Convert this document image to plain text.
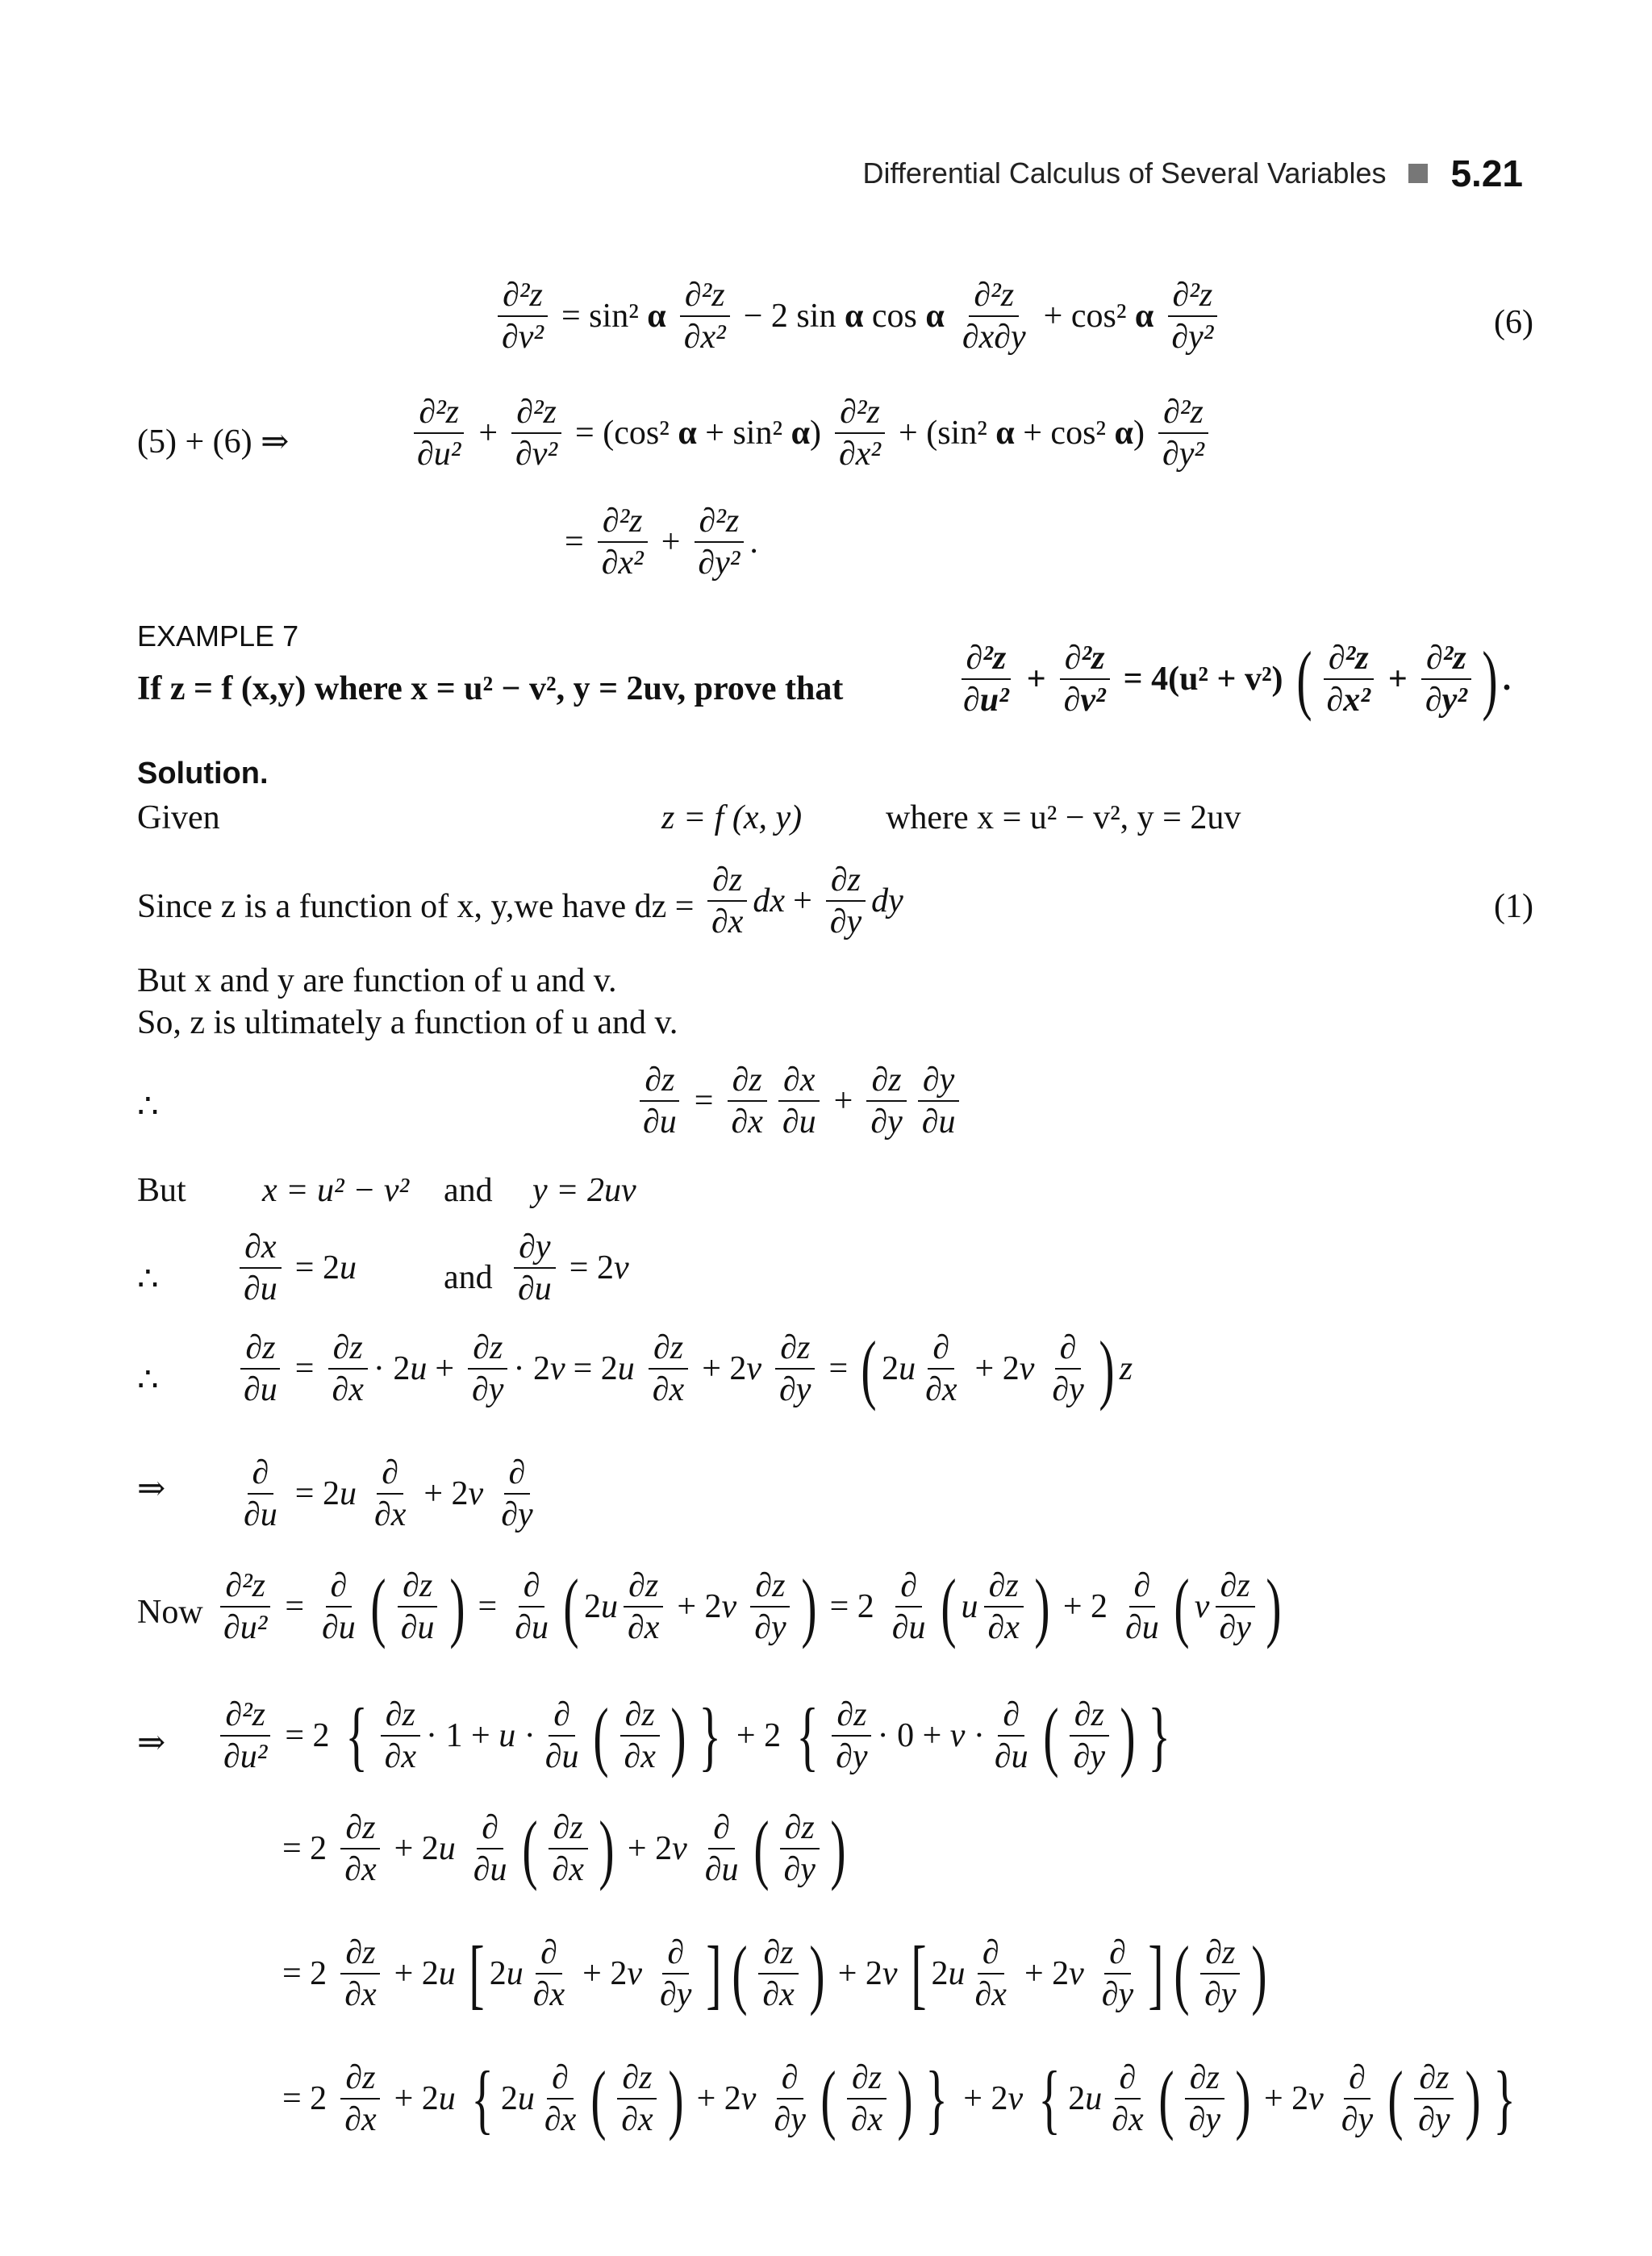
Differential Calculus of Several Variables 5.21
$\frac{\text{∂²z}}{\text{∂v²}} = \sin^2$ α $\frac{\text{∂²z}}{\text{∂x²}} - 2$ sin α cos α $\frac{\text{∂²z}}{\partial x\partial y} + \cos^2$ α $\frac{\text{∂²z}}{\text{∂y²}}$	(6)
(5) + (6) ⇒	$\frac{\text{∂²z}}{\text{∂u²}} + \frac{\text{∂²z}}{\text{∂v²}} = (\cos^2$ α + sin² $\alpha) \frac{\text{∂²z}}{\text{∂x²}} + (\sin^2$ α + cos² $\alpha) \frac{\text{∂²z}}{\text{∂y²}}$
= $\frac{\text{∂²z}}{\text{∂x²}} + \frac{\text{∂²z}}{\text{∂y²}}$ .
EXAMPLE 7
If z = f (x,y) where x = u² − v², y = 2uv, prove that	$\frac{\text{∂²z}}{\text{∂u²}} + \frac{\text{∂²z}}{\text{∂v²}} = 4(u^2 + v^2)$ ( $\frac{\text{∂²z}}{\text{∂x²}} + \frac{\text{∂²z}}{\text{∂y²}}$ ) .
Solution.
Given	z = f (x, y) where x = u² − v², y = 2uv
Since z is a function of x, y,we have dz = $\frac{\partial z}{\partial x}$ dx + $\frac{\partial z}{\partial y}$ dy	(1)
But x and y are function of u and v.
So, z is ultimately a function of u and v.
∴	$\frac{\partial z}{\partial u} = \frac{\partial z}{\partial x} \frac{\partial x}{\partial u} + \frac{\partial z}{\partial y} \frac{\partial y}{\partial u}$
But x = u² − v² and y = 2uv
∴ $\frac{\partial x}{\partial u} = 2u$	and $\frac{\partial y}{\partial u} = 2v$
∴ $\frac{\partial z}{\partial u} = \frac{\partial z}{\partial x} \cdot 2u + \frac{\partial z}{\partial y} \cdot 2v = 2u \frac{\partial z}{\partial x} + 2v \frac{\partial z}{\partial y}$ = ( $2u \frac{\partial}{\partial x} + 2v \frac{\partial}{\partial y}$ ) z
⇒ $\frac{\partial}{\partial u} = 2u \frac{\partial}{\partial x} + 2v \frac{\partial}{\partial y}$
Now $\frac{\text{∂²z}}{\text{∂u²}} = \frac{\partial}{\partial u}$ ( $\frac{\partial z}{\partial u}$ ) = $\frac{\partial}{\partial u}$ ( $2u \frac{\partial z}{\partial x} + 2v \frac{\partial z}{\partial y}$ ) = $2 \frac{\partial}{\partial u}$ ( u $\frac{\partial z}{\partial x}$ ) + $2 \frac{\partial}{\partial u}$ ( v $\frac{\partial z}{\partial y}$ )
⇒ $\frac{\text{∂²z}}{\text{∂u²}} = 2$ { $\frac{\partial z}{\partial x} \cdot 1 + u \cdot \frac{\partial}{\partial u}$ ( $\frac{\partial z}{\partial x}$ ) } + 2 { $\frac{\partial z}{\partial y} \cdot 0 + v \cdot \frac{\partial}{\partial u}$ ( $\frac{\partial z}{\partial y}$ ) }
= $2 \frac{\partial z}{\partial x} + 2u \frac{\partial}{\partial u}$ ( $\frac{\partial z}{\partial x}$ ) + $2v \frac{\partial}{\partial u}$ ( $\frac{\partial z}{\partial y}$ )
= $2 \frac{\partial z}{\partial x} + 2u$ [ $2u \frac{\partial}{\partial x} + 2v \frac{\partial}{\partial y}$ ] ( $\frac{\partial z}{\partial x}$ ) + 2v [ $2u \frac{\partial}{\partial x} + 2v \frac{\partial}{\partial y}$ ] ( $\frac{\partial z}{\partial y}$ )
= $2 \frac{\partial z}{\partial x} + 2u$ { $2u \frac{\partial}{\partial x}$ ( $\frac{\partial z}{\partial x}$ ) + $2v \frac{\partial}{\partial y}$ ( $\frac{\partial z}{\partial x}$ ) } + 2v { $2u \frac{\partial}{\partial x}$ ( $\frac{\partial z}{\partial y}$ ) + $2v \frac{\partial}{\partial y}$ ( $\frac{\partial z}{\partial y}$ ) }
